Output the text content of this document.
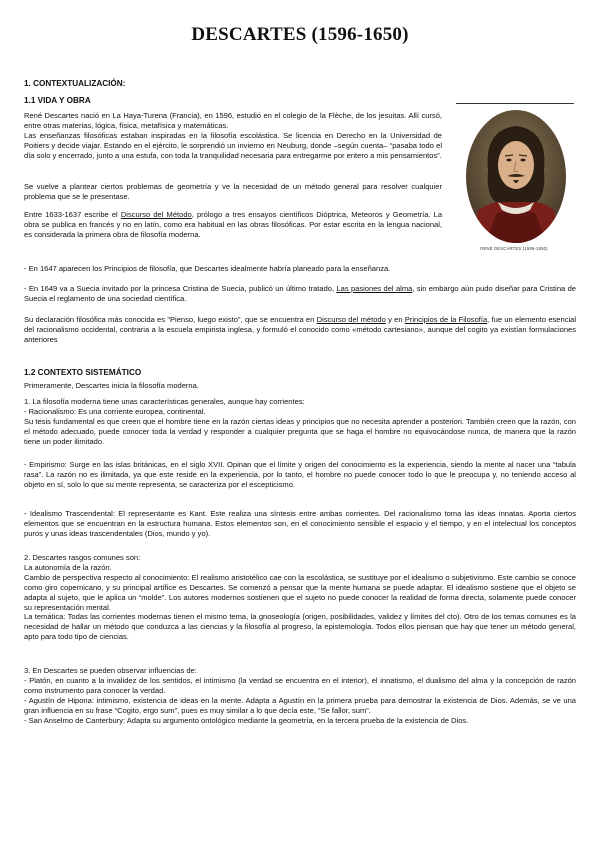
DESCARTES (1596-1650)
1. CONTEXTUALIZACIÓN:
1.1 VIDA Y OBRA

René Descartes nació en La Haya-Turena (Francia), en 1596, estudió en el colegio de la Flèche, de los jesuitas. Allí cursó, entre otras materias, lógica, física, metafísica y matemáticas.
Las enseñanzas filosóficas estaban inspiradas en la filosofía escolástica. Se licencia en Derecho en la Universidad de Poitiers y decide viajar. Estando en el ejército, le sorprendió un invierno en Neuburg, donde –según cuenta– “pasaba todo el día solo y encerrado, junto a una estufa, con toda la tranquilidad necesaria para entregarme por entero a mis pensamientos”.

Se vuelve a plantear ciertos problemas de geometría y ve la necesidad de un método general para resolver cualquier problema que se le presentase.

Entre 1633-1637 escribe el Discurso del Método, prólogo a tres ensayos científicos Dióptrica, Meteoros y Geometría. La obra se publica en francés y no en latín, como era habitual en las obras filosóficas. Por estar escrita en la lengua nacional, es considerada la primera obra de filosofía moderna.

RENÉ DESCARTES (1596-1650)

- En 1647 aparecen los Principios de filosofía, que Descartes idealmente habría planeado para la enseñanza.

- En 1649 va a Suecia invitado por la princesa Cristina de Suecia, publicó un último tratado, Las pasiones del alma, sin embargo aún pudo diseñar para Cristina de Suecia el reglamento de una sociedad científica.

Su declaración filosófica más conocida es "Pienso, luego existo", que se encuentra en Discurso del método y en Principios de la Filosofía, fue un elemento esencial del racionalismo occidental, contraria a la escuela empirista inglesa, y formuló el conocido como «método cartesiano», aunque del cogito ya existían formulaciones anteriores

1.2 CONTEXTO SISTEMÁTICO

Primeramente, Descartes inicia la filosofía moderna.

1. La filosofía moderna tiene unas características generales, aunque hay corrientes:
- Racionalismo: Es una corriente europea, continental.
Su tesis fundamental es que creen que el hombre tiene en la razón ciertas ideas y principios que no necesita aprender a posteriori. También creen que la razón, con el método adecuado, puede conocer toda la verdad y responder a cualquier pregunta que se haga el hombre no equivocándose nunca, de manera que la razón tiene un poder ilimitado.

- Empirismo: Surge en las islas británicas, en el siglo XVII. Opinan que el límite y origen del conocimiento es la experiencia, siendo la mente al nacer una “tabula rasa”. La razón no es ilimitada, ya que este reside en la experiencia, por lo tanto, el hombre no puede conocer todo lo que le preocupa y, no teniendo acceso al objeto en sí, solo lo que su mente representa, se caracteriza por el escepticismo.

- Idealismo Trascendental: El representante es Kant. Este realiza una síntesis entre ambas corrientes. Del racionalismo toma las ideas innatas. Aporta ciertos elementos que se encuentran en la estructura humana. Estos elementos son, en el conocimiento sensible el espacio y el tiempo, y en el intelectual los conceptos puros y unas ideas trascendentales (Dios, mundo y yo).

2. Descartes rasgos comunes son:
La autonomía de la razón.
Cambio de perspectiva respecto al conocimiento: El realismo aristotélico cae con la escolástica, se sustituye por el idealismo o subjetivismo. Este cambio se conoce como giro copernicano, y su principal artífice es Descartes. Se comenzó a pensar que la mente humana se puede adaptar. El idealismo sostiene que el objeto se adapta al sujeto, que le aplica un “molde”. Los autores modernos sostienen que el sujeto no puede conocer la realidad de forma directa, solamente puede conocer su representación mental.
La temática: Todas las corrientes modernas tienen el mismo tema, la gnoseología (origen, posibilidades, validez y límites del cto). Otro de los temas comunes es la necesidad de hallar un método que conduzca a las ciencias y la filosofía al progreso, la epistemología. Todos ellos piensan que hay que tener un método general, apto para todo tipo de ciencias.

3. En Descartes se pueden observar influencias de:
- Platón, en cuanto a la invalidez de los sentidos, el intimismo (la verdad se encuentra en el interior), el innatismo, el dualismo del alma y la concepción de razón como instrumento para conocer la verdad.
- Agustín de Hipona: intimismo, existencia de ideas en la mente. Adapta a Agustín en la primera prueba para demostrar la existencia de Dios. Además, se ve una gran influencia en su frase “Cogito, ergo sum”, pues es muy similar a lo que decía este, “Se fallor, sum”.
- San Anselmo de Canterbury: Adapta su argumento ontológico mediante la geometría, en la tercera prueba de la existencia de Dios.
